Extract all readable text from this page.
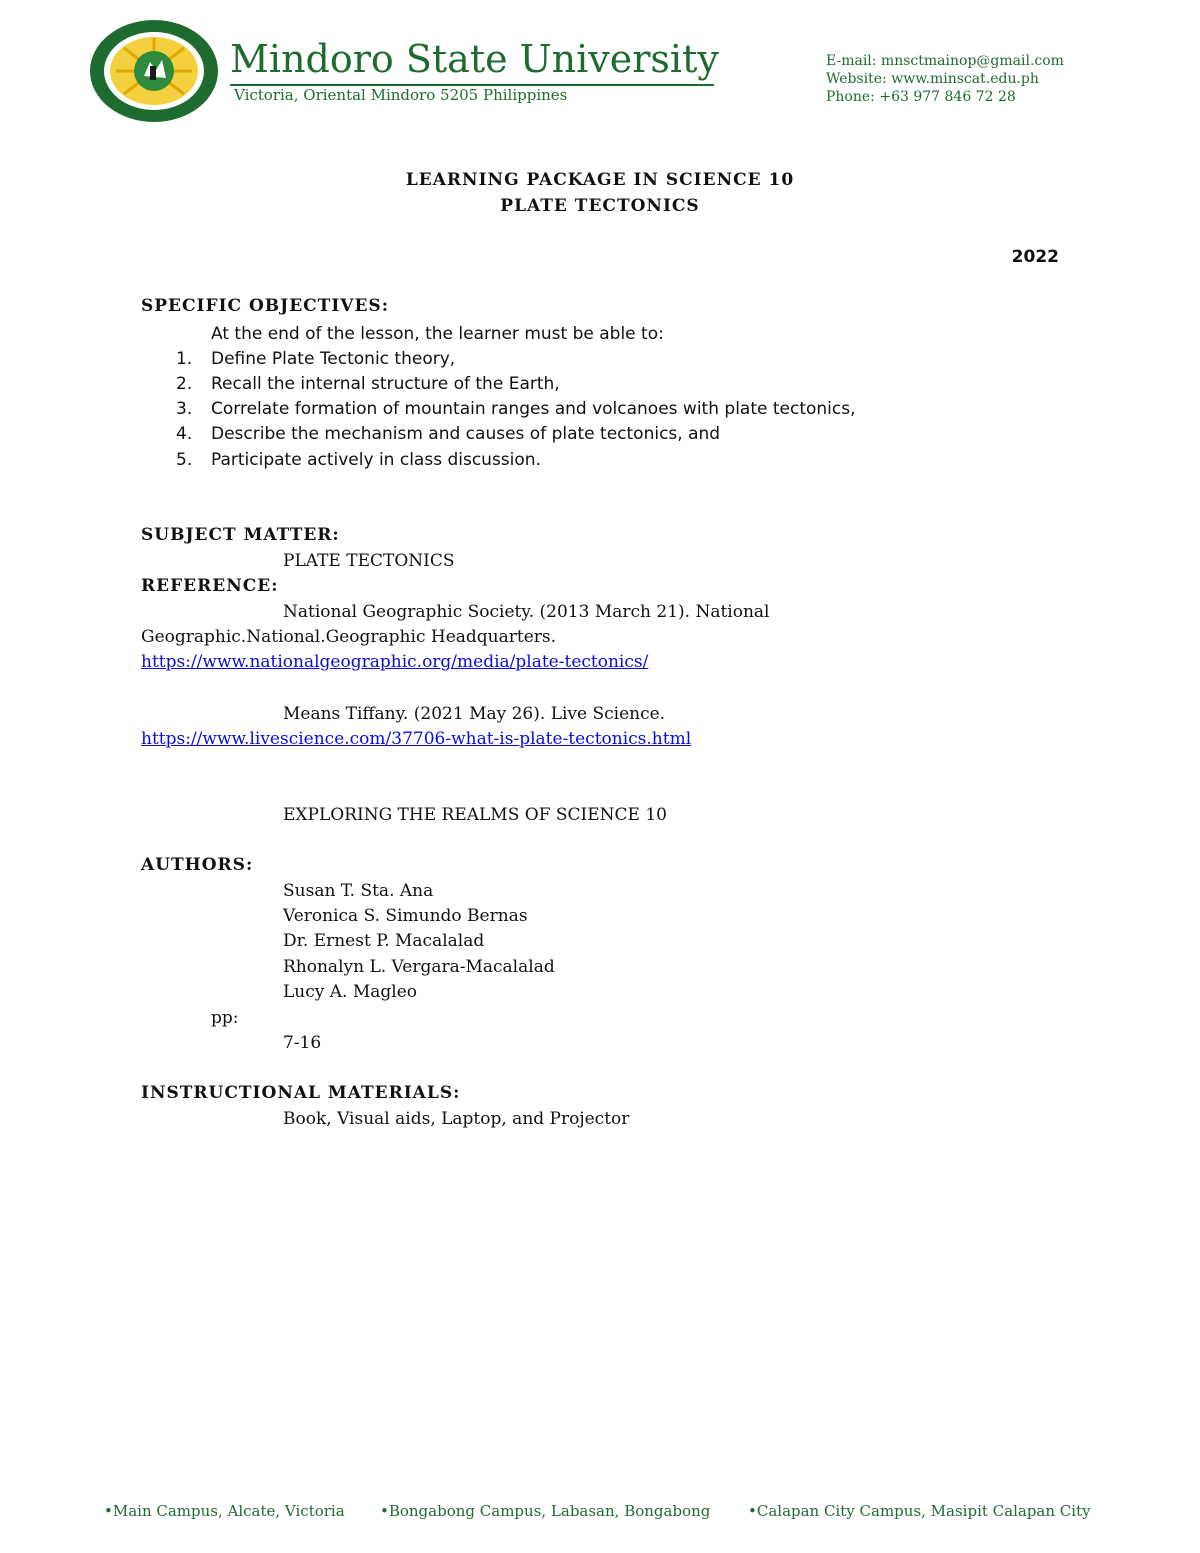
Mindoro State University
Victoria, Oriental Mindoro 5205 Philippines
E-mail: mnsctmainop@gmail.com
Website: www.minscat.edu.ph
Phone: +63 977 846 72 28
LEARNING PACKAGE IN SCIENCE 10
PLATE TECTONICS
2022
SPECIFIC OBJECTIVES:
At the end of the lesson, the learner must be able to:
1. Define Plate Tectonic theory,
2. Recall the internal structure of the Earth,
3. Correlate formation of mountain ranges and volcanoes with plate tectonics,
4. Describe the mechanism and causes of plate tectonics, and
5. Participate actively in class discussion.
SUBJECT MATTER:
PLATE TECTONICS
REFERENCE:
National Geographic Society. (2013 March 21). National
Geographic.National.Geographic Headquarters.
https://www.nationalgeographic.org/media/plate-tectonics/
Means Tiffany. (2021 May 26). Live Science.
https://www.livescience.com/37706-what-is-plate-tectonics.html
EXPLORING THE REALMS OF SCIENCE 10
AUTHORS:
Susan T. Sta. Ana
Veronica S. Simundo Bernas
Dr. Ernest P. Macalalad
Rhonalyn L. Vergara-Macalalad
Lucy A. Magleo
pp:
7-16
INSTRUCTIONAL MATERIALS:
Book, Visual aids, Laptop, and Projector
•Main Campus, Alcate, Victoria •Bongabong Campus, Labasan, Bongabong	•Calapan City Campus, Masipit Calapan City
